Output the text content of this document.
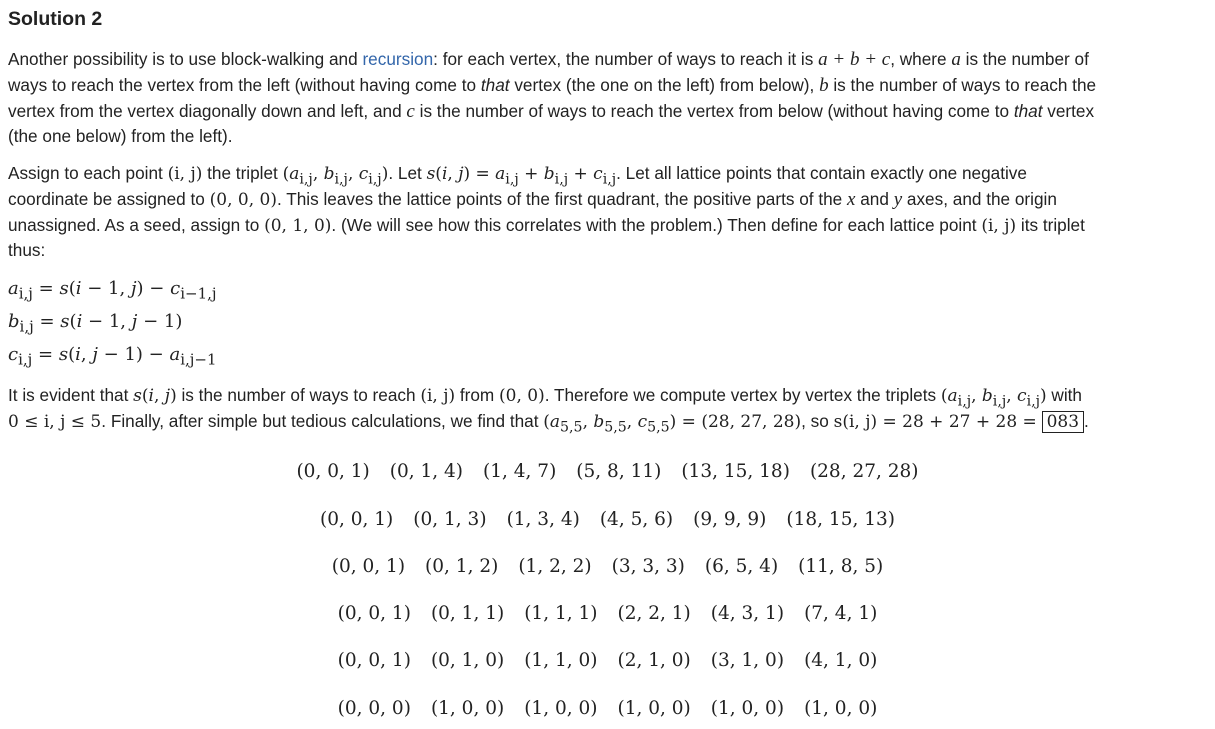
Solution 2

Another possibility is to use block-walking and recursion: for each vertex, the number of ways to reach it is a + b + c, where a is the number of
ways to reach the vertex from the left (without having come to that vertex (the one on the left) from below), b is the number of ways to reach the
vertex from the vertex diagonally down and left, and c is the number of ways to reach the vertex from below (without having come to that vertex
(the one below) from the left).

Assign to each point (i, j) the triplet ($a_{i,j}$, $b_{i,j}$, $c_{i,j}$). Let s(i, $j) = a_{i,j} + b_{i,j} + c_{i,j}$. Let all lattice points that contain exactly one negative
coordinate be assigned to (0, 0, 0). This leaves the lattice points of the first quadrant, the positive parts of the x and y axes, and the origin
unassigned. As a seed, assign to (0, 1, 0). (We will see how this correlates with the problem.) Then define for each lattice point (i, j) its triplet
thus:

$a_{i,j} = s(i - 1$, $j) - c_{i-1,j}$
$b_{i,j} = s(i - 1$, j − 1)
$c_{i,j} = s(i$, $j - 1) - a_{i,j-1}$

It is evident that s(i, j) is the number of ways to reach (i, j) from (0, 0). Therefore we compute vertex by vertex the triplets ($a_{i,j}$, $b_{i,j}$, $c_{i,j}$) with
0 ≤ i, j ≤ 5. Finally, after simple but tedious calculations, we find that ($a_{5,5}$, $b_{5,5}$, $c_{5,5}) = (28$, 27, 28), so s(i, j) = 28 + 27 + 28 = 083 .

(0, 0, 1) (0, 1, 4) (1, 4, 7) (5, 8, 11) (13, 15, 18) (28, 27, 28)
(0, 0, 1) (0, 1, 3) (1, 3, 4) (4, 5, 6) (9, 9, 9) (18, 15, 13)
(0, 0, 1) (0, 1, 2) (1, 2, 2) (3, 3, 3) (6, 5, 4) (11, 8, 5)
(0, 0, 1) (0, 1, 1) (1, 1, 1) (2, 2, 1) (4, 3, 1) (7, 4, 1)
(0, 0, 1) (0, 1, 0) (1, 1, 0) (2, 1, 0) (3, 1, 0) (4, 1, 0)
(0, 0, 0) (1, 0, 0) (1, 0, 0) (1, 0, 0) (1, 0, 0) (1, 0, 0)
